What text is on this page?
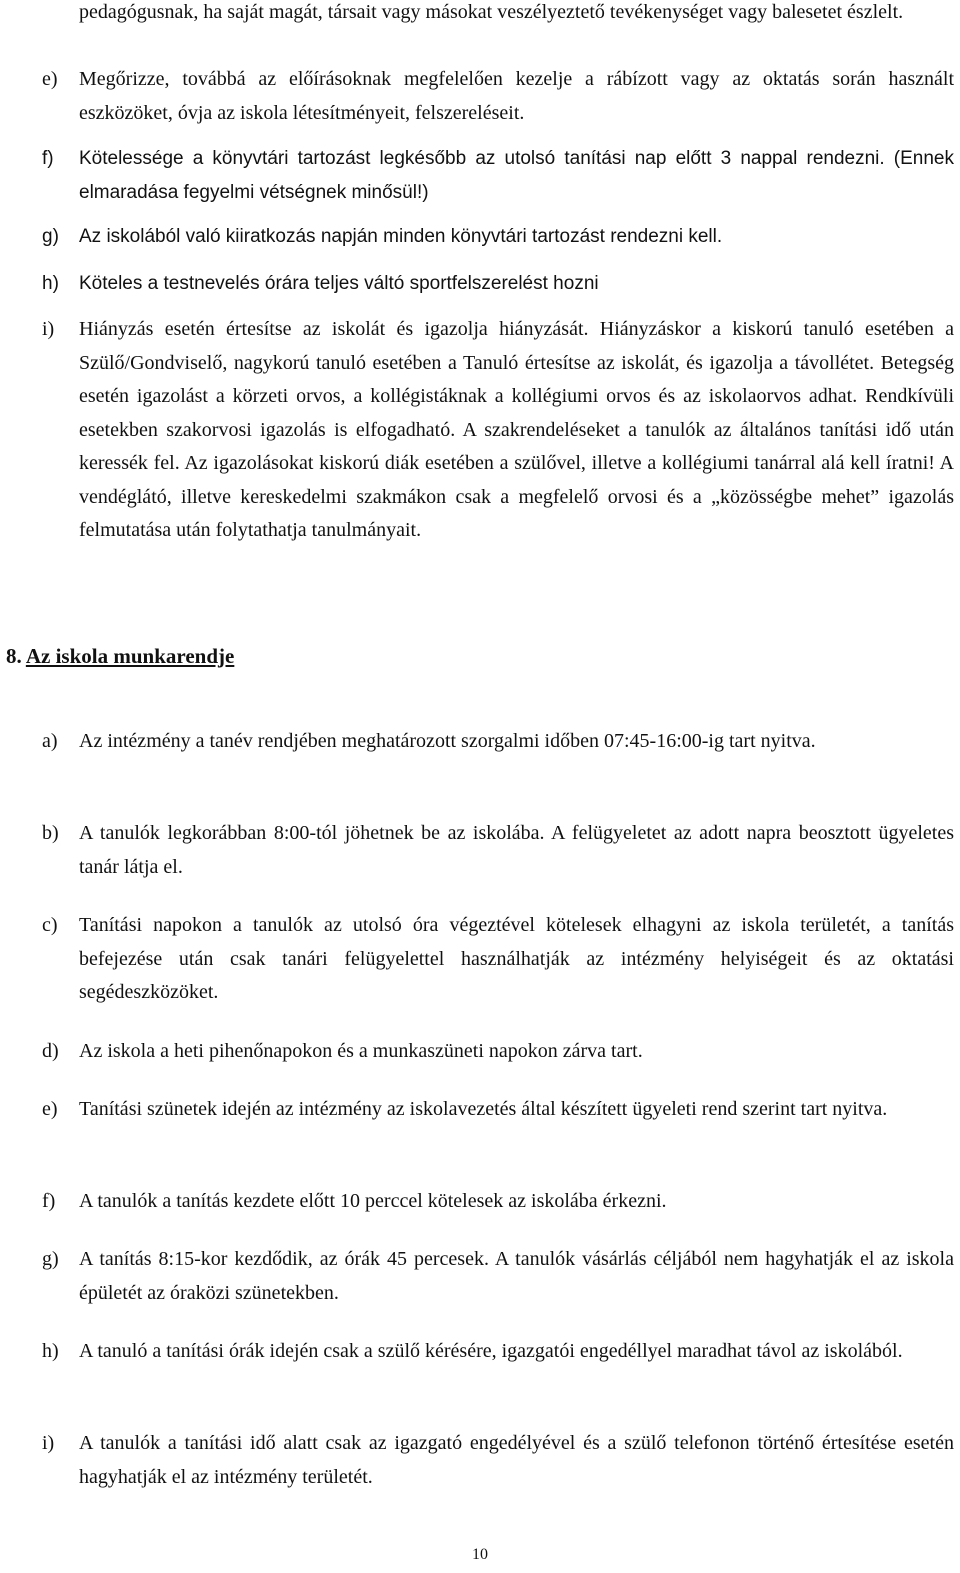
pedagógusnak, ha saját magát, társait vagy másokat veszélyeztető tevékenységet vagy balesetet észlelt.
e) Megőrizze, továbbá az előírásoknak megfelelően kezelje a rábízott vagy az oktatás során használt eszközöket, óvja az iskola létesítményeit, felszereléseit.
f) Kötelessége a könyvtári tartozást legkésőbb az utolsó tanítási nap előtt 3 nappal rendezni. (Ennek elmaradása fegyelmi vétségnek minősül!)
g) Az iskolából való kiiratkozás napján minden könyvtári tartozást rendezni kell.
h) Köteles a testnevelés órára teljes váltó sportfelszerelést hozni
i) Hiányzás esetén értesítse az iskolát és igazolja hiányzását. Hiányzáskor a kiskorú tanuló esetében a Szülő/Gondviselő, nagykorú tanuló esetében a Tanuló értesítse az iskolát, és igazolja a távollétet. Betegség esetén igazolást a körzeti orvos, a kollégistáknak a kollégiumi orvos és az iskolaorvos adhat. Rendkívüli esetekben szakorvosi igazolás is elfogadható. A szakrendeléseket a tanulók az általános tanítási idő után keressék fel. Az igazolásokat kiskorú diák esetében a szülővel, illetve a kollégiumi tanárral alá kell íratni! A vendéglátó, illetve kereskedelmi szakmákon csak a megfelelő orvosi és a „közösségbe mehet” igazolás felmutatása után folytathatja tanulmányait.
8. Az iskola munkarendje
a) Az intézmény a tanév rendjében meghatározott szorgalmi időben 07:45-16:00-ig tart nyitva.
b) A tanulók legkorábban 8:00-tól jöhetnek be az iskolába. A felügyeletet az adott napra beosztott ügyeletes tanár látja el.
c) Tanítási napokon a tanulók az utolsó óra végeztével kötelesek elhagyni az iskola területét, a tanítás befejezése után csak tanári felügyelettel használhatják az intézmény helyiségeit és az oktatási segédeszközöket.
d) Az iskola a heti pihenőnapokon és a munkaszüneti napokon zárva tart.
e) Tanítási szünetek idején az intézmény az iskolavezetés által készített ügyeleti rend szerint tart nyitva.
f) A tanulók a tanítás kezdete előtt 10 perccel kötelesek az iskolába érkezni.
g) A tanítás 8:15-kor kezdődik, az órák 45 percesek. A tanulók vásárlás céljából nem hagyhatják el az iskola épületét az óraközi szünetekben.
h) A tanuló a tanítási órák idején csak a szülő kérésére, igazgatói engedéllyel maradhat távol az iskolából.
i) A tanulók a tanítási idő alatt csak az igazgató engedélyével és a szülő telefonon történő értesítése esetén hagyhatják el az intézmény területét.
10
